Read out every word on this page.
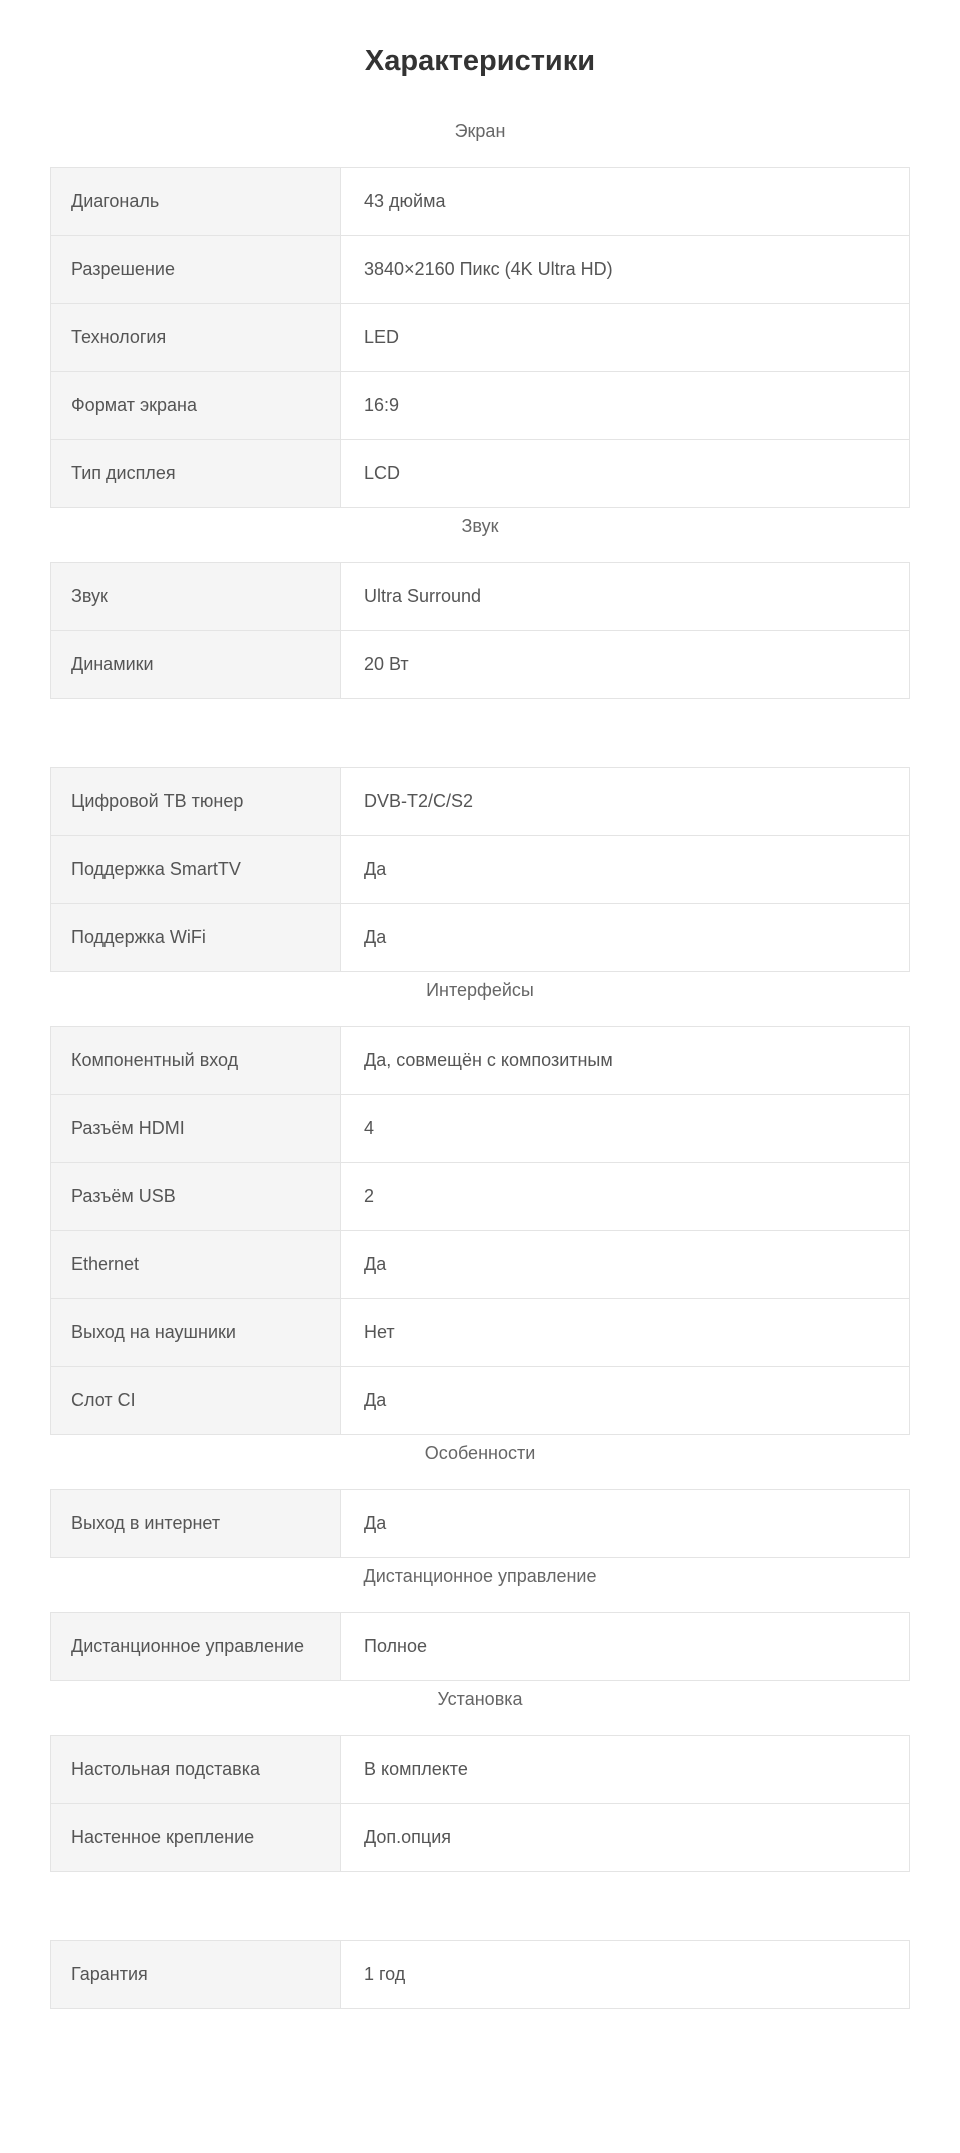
Характеристики
Экран
Диагональ	43 дюйма
Разрешение	3840×2160 Пикс (4K Ultra HD)
Технология	LED
Формат экрана	16:9
Тип дисплея	LCD
Звук
Звук	Ultra Surround
Динамики	20 Вт
Цифровой ТВ тюнер	DVB-T2/C/S2
Поддержка SmartTV	Да
Поддержка WiFi	Да
Интерфейсы
Компонентный вход	Да, совмещён с композитным
Разъём HDMI	4
Разъём USB	2
Ethernet	Да
Выход на наушники	Нет
Слот CI	Да
Особенности
Выход в интернет	Да
Дистанционное управление
Дистанционное управление	Полное
Установка
Настольная подставка	В комплекте
Настенное крепление	Доп.опция
Гарантия	1 год
